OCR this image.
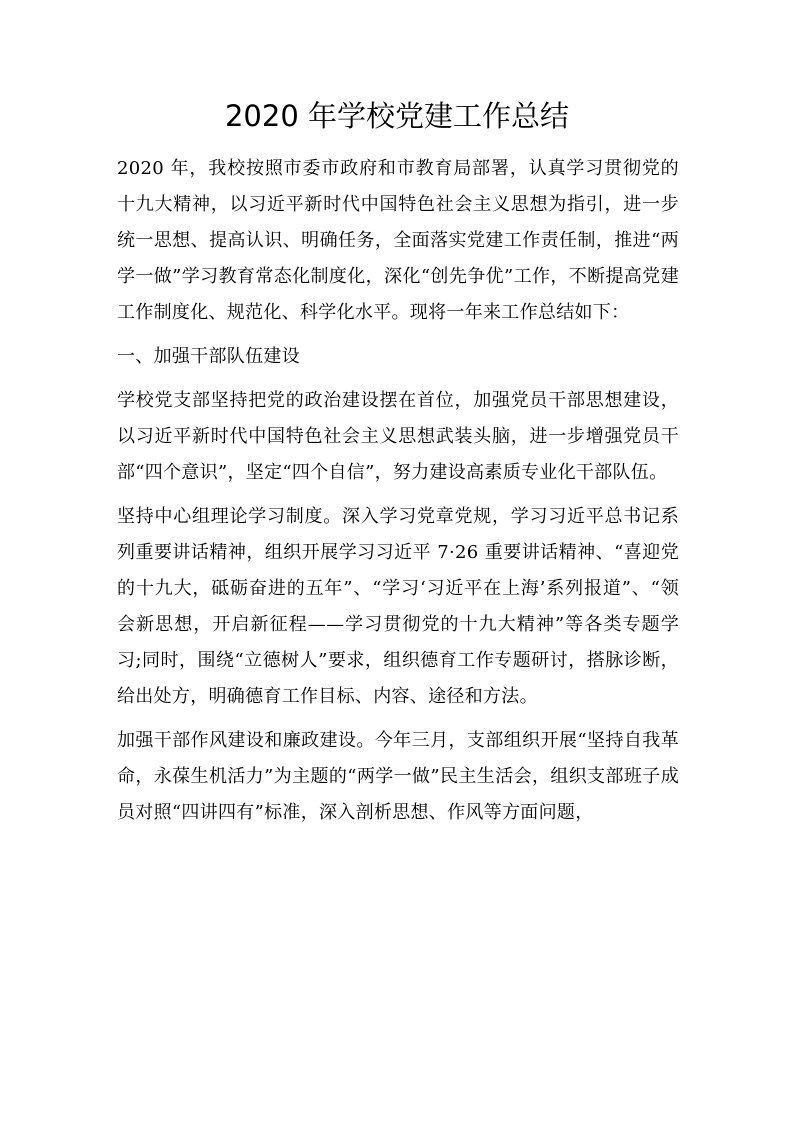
2020 年学校党建工作总结

2020 年，我校按照市委市政府和市教育局部署，认真学习贯彻党的十九大精神，以习近平新时代中国特色社会主义思想为指引，进一步统一思想、提高认识、明确任务，全面落实党建工作责任制，推进“两学一做”学习教育常态化制度化，深化“创先争优”工作，不断提高党建工作制度化、规范化、科学化水平。现将一年来工作总结如下：

一、加强干部队伍建设

学校党支部坚持把党的政治建设摆在首位，加强党员干部思想建设，以习近平新时代中国特色社会主义思想武装头脑，进一步增强党员干部“四个意识”，坚定“四个自信”，努力建设高素质专业化干部队伍。

坚持中心组理论学习制度。深入学习党章党规，学习习近平总书记系列重要讲话精神，组织开展学习习近平 7·26 重要讲话精神、“喜迎党的十九大，砥砺奋进的五年”、“学习‘习近平在上海’系列报道”、“领会新思想，开启新征程——学习贯彻党的十九大精神”等各类专题学习;同时，围绕“立德树人”要求，组织德育工作专题研讨，搭脉诊断，给出处方，明确德育工作目标、内容、途径和方法。

加强干部作风建设和廉政建设。今年三月，支部组织开展“坚持自我革命，永葆生机活力”为主题的“两学一做”民主生活会，组织支部班子成员对照“四讲四有”标准，深入剖析思想、作风等方面问题，
